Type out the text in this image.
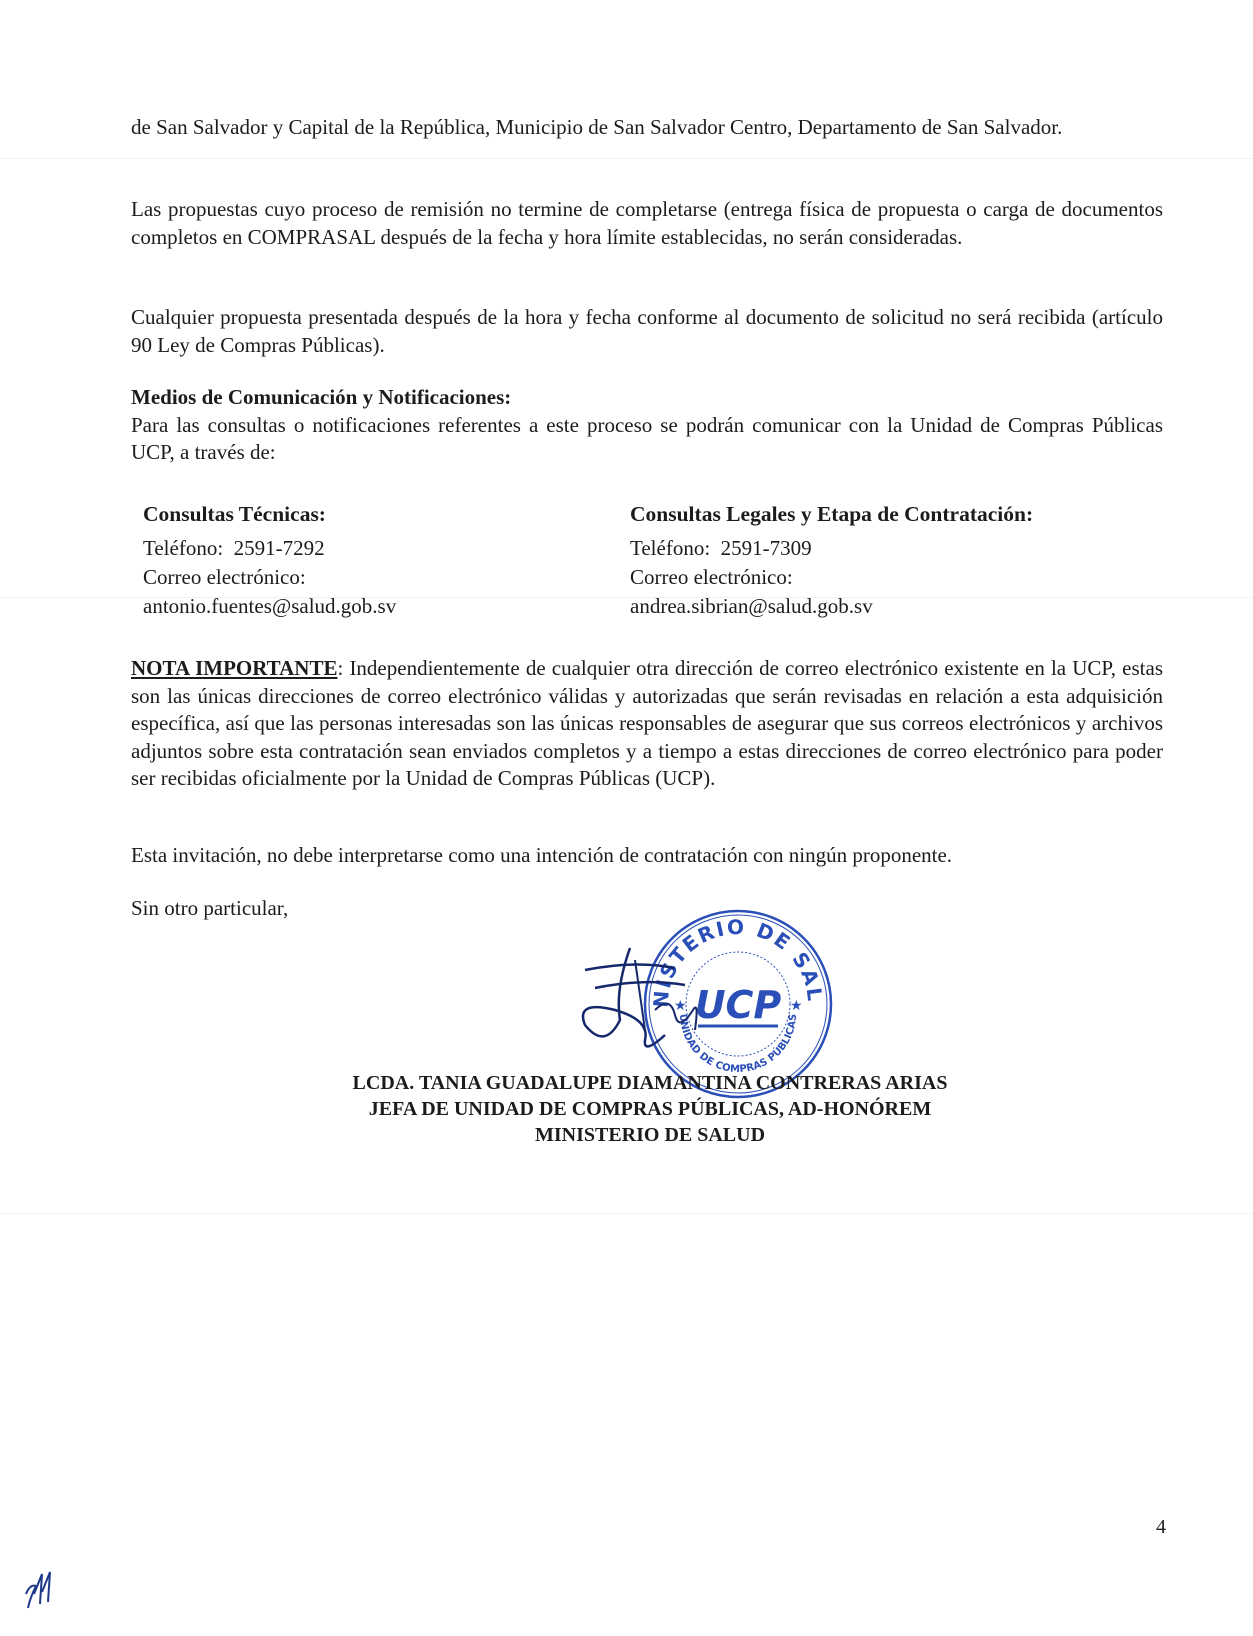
de San Salvador y Capital de la República, Municipio de San Salvador Centro, Departamento de San Salvador.

Las propuestas cuyo proceso de remisión no termine de completarse (entrega física de propuesta o carga de documentos completos en COMPRASAL después de la fecha y hora límite establecidas, no serán consideradas.

Cualquier propuesta presentada después de la hora y fecha conforme al documento de solicitud no será recibida (artículo 90 Ley de Compras Públicas).

Medios de Comunicación y Notificaciones:
Para las consultas o notificaciones referentes a este proceso se podrán comunicar con la Unidad de Compras Públicas UCP, a través de:
Consultas Técnicas:
Teléfono:  2591-7292
Correo electrónico:
antonio.fuentes@salud.gob.sv
Consultas Legales y Etapa de Contratación:
Teléfono:  2591-7309
Correo electrónico:
andrea.sibrian@salud.gob.sv

NOTA IMPORTANTE: Independientemente de cualquier otra dirección de correo electrónico existente en la UCP, estas son las únicas direcciones de correo electrónico válidas y autorizadas que serán revisadas en relación a esta adquisición específica, así que las personas interesadas son las únicas responsables de asegurar que sus correos electrónicos y archivos adjuntos sobre esta contratación sean enviados completos y a tiempo a estas direcciones de correo electrónico para poder ser recibidas oficialmente por la Unidad de Compras Públicas (UCP).

Esta invitación, no debe interpretarse como una intención de contratación con ningún proponente.

Sin otro particular,

NISTERIO DE SAL
UNIDAD DE COMPRAS PÚBLICAS
UCP
★	★
LCDA. TANIA GUADALUPE DIAMANTINA CONTRERAS ARIAS
JEFA DE UNIDAD DE COMPRAS PÚBLICAS, AD-HONÓREM
MINISTERIO DE SALUD
4
